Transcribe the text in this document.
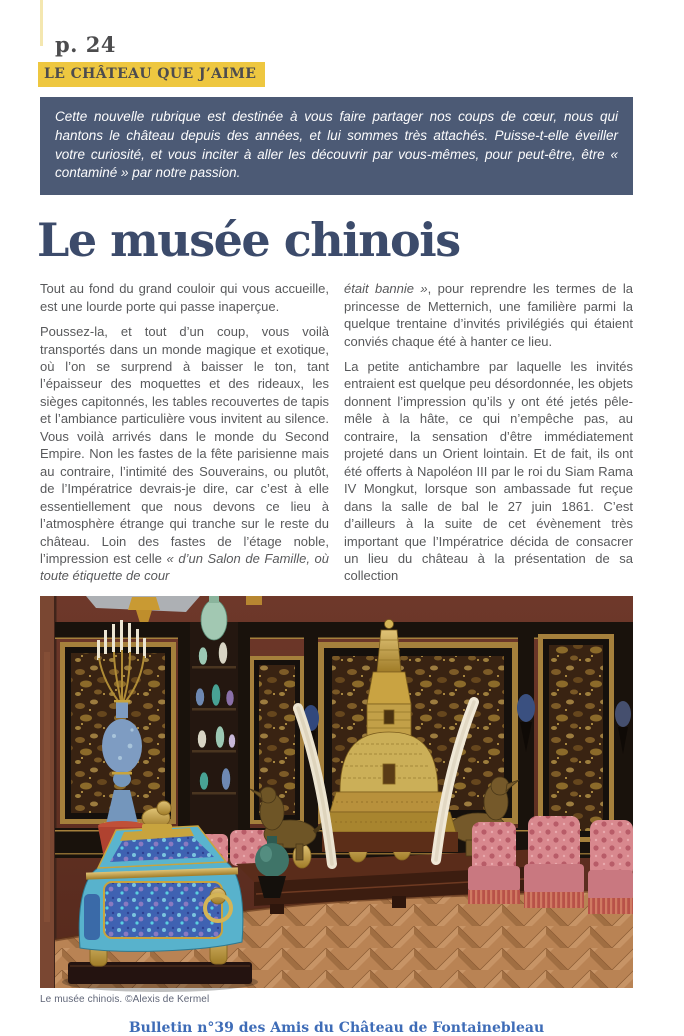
p. 24

LE CHÂTEAU QUE J’AIME
Cette nouvelle rubrique est destinée à vous faire partager nos coups de cœur, nous qui hantons le château depuis des années, et lui sommes très attachés. Puisse-t-elle éveiller votre curiosité, et vous inciter à aller les découvrir par vous-mêmes, pour peut-être, être « contaminé » par notre passion.
Le musée chinois

Tout au fond du grand couloir qui vous accueille, est une lourde porte qui passe inaperçue.

Poussez-la, et tout d’un coup, vous voilà transportés dans un monde magique et exotique, où l’on se surprend à baisser le ton, tant l’épaisseur des moquettes et des rideaux, les sièges capitonnés, les tables recouvertes de tapis et l’ambiance particulière vous invitent au silence. Vous voilà arrivés dans le monde du Second Empire. Non les fastes de la fête parisienne mais au contraire, l’intimité des Souverains, ou plutôt, de l’Impératrice devrais-je dire, car c’est à elle essentiellement que nous devons ce lieu à l’atmosphère étrange qui tranche sur le reste du château. Loin des fastes de l’étage noble, l’impression est celle « d’un Salon de Famille, où toute étiquette de cour

était bannie », pour reprendre les termes de la princesse de Metternich, une familière parmi la quelque trentaine d’invités privilégiés qui étaient conviés chaque été à hanter ce lieu.

La petite antichambre par laquelle les invités entraient est quelque peu désordonnée, les objets donnent l’impression qu’ils y ont été jetés pêle-mêle à la hâte, ce qui n’empêche pas, au contraire, la sensation d’être immédiatement projeté dans un Orient lointain. Et de fait, ils ont été offerts à Napoléon III par le roi du Siam Rama IV Mongkut, lorsque son ambassade fut reçue dans la salle de bal le 27 juin 1861. C’est d’ailleurs à la suite de cet évènement très important que l’Impératrice décida de consacrer un lieu du château à la présentation de sa collection

Le musée chinois. ©Alexis de Kermel
Bulletin n°39 des Amis du Château de Fontainebleau
